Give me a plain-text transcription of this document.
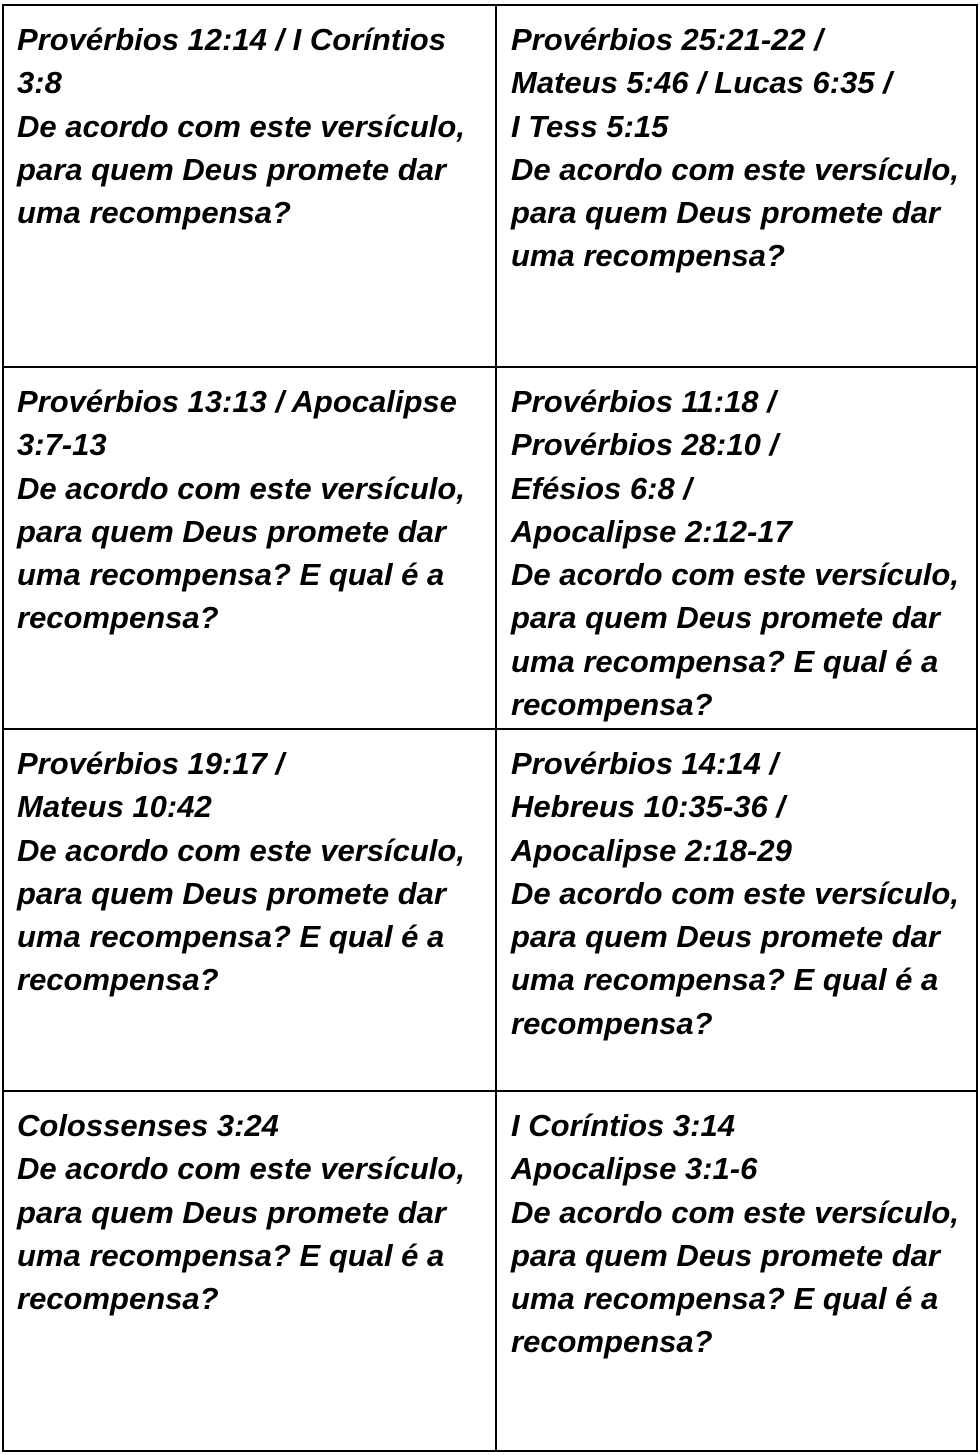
Provérbios 12:14 / I Coríntios
3:8
De acordo com este versículo,
para quem Deus promete dar
uma recompensa?
Provérbios 25:21-22 /
Mateus 5:46 / Lucas 6:35 /
I Tess 5:15
De acordo com este versículo,
para quem Deus promete dar
uma recompensa?
Provérbios 13:13 / Apocalipse
3:7-13
De acordo com este versículo,
para quem Deus promete dar
uma recompensa? E qual é a
recompensa?
Provérbios 11:18 /
Provérbios 28:10 /
Efésios 6:8 /
Apocalipse 2:12-17
De acordo com este versículo,
para quem Deus promete dar
uma recompensa? E qual é a
recompensa?
Provérbios 19:17 /
Mateus 10:42
De acordo com este versículo,
para quem Deus promete dar
uma recompensa? E qual é a
recompensa?
Provérbios 14:14 /
Hebreus 10:35-36 /
Apocalipse 2:18-29
De acordo com este versículo,
para quem Deus promete dar
uma recompensa? E qual é a
recompensa?
Colossenses 3:24
De acordo com este versículo,
para quem Deus promete dar
uma recompensa? E qual é a
recompensa?
I Coríntios 3:14
Apocalipse 3:1-6
De acordo com este versículo,
para quem Deus promete dar
uma recompensa? E qual é a
recompensa?
